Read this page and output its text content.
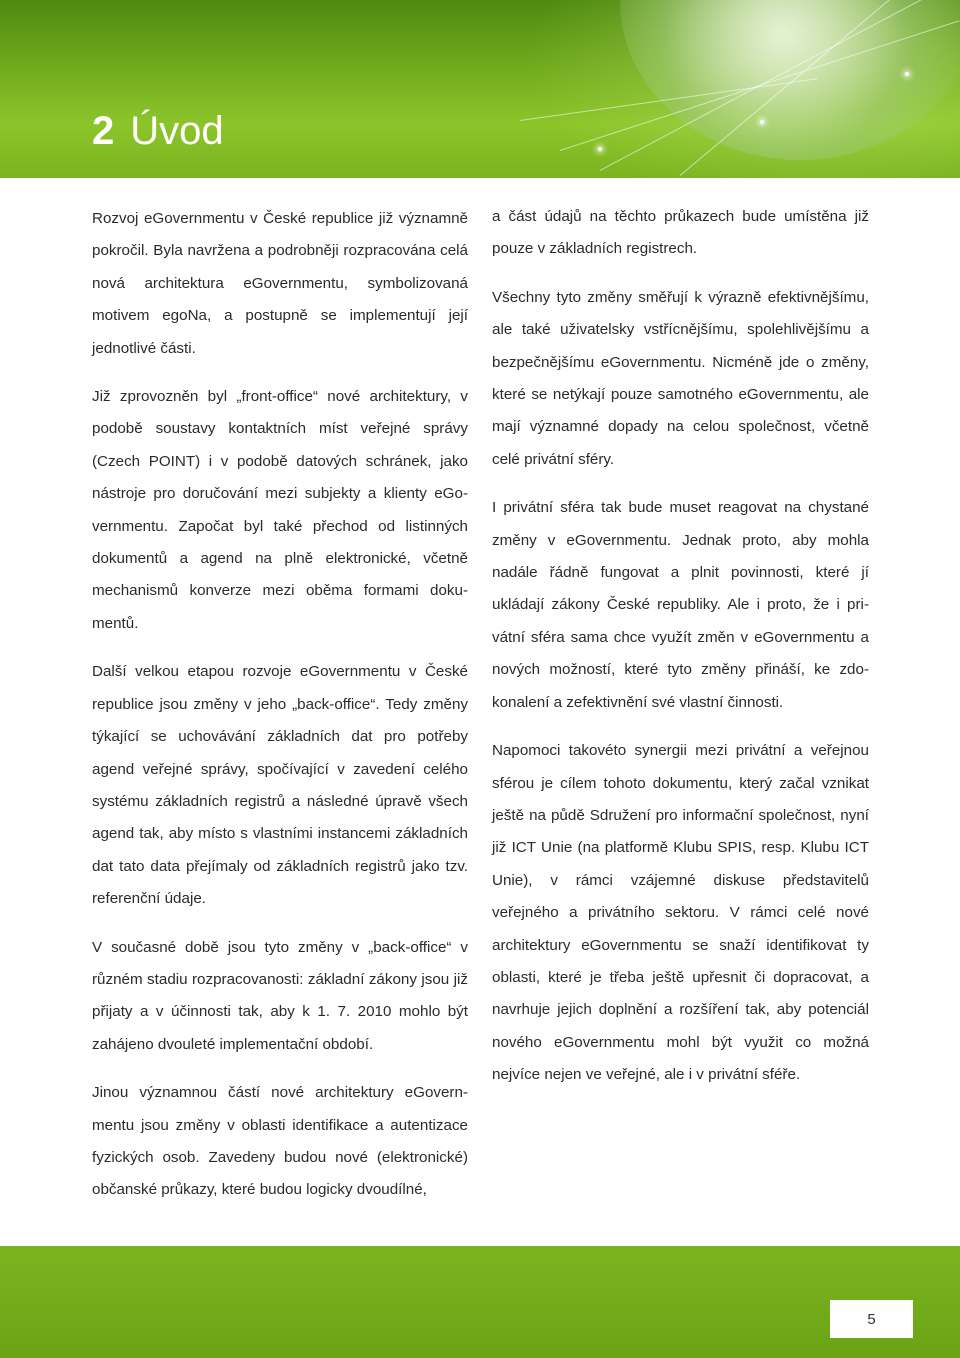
2 Úvod

Rozvoj eGovernmentu v České republice již významně pokročil. Byla navržena a podrobněji rozpracována celá nová architektura eGovernmentu, symbolizovaná motivem egoNa, a postupně se implementují její jednotlivé části.

Již zprovozněn byl „front-office“ nové architektury, v podobě soustavy kontaktních míst veřejné správy (Czech POINT) i v podobě datových schránek, jako nástroje pro doručování mezi subjekty a klienty eGovernmentu. Započat byl také přechod od listinných dokumentů a agend na plně elektronické, včetně mechanismů konverze mezi oběma formami dokumentů.

Další velkou etapou rozvoje eGovernmentu v České republice jsou změny v jeho „back-office“. Tedy změny týkající se uchovávání základních dat pro potřeby agend veřejné správy, spočívající v zavedení celého systému základních registrů a následné úpravě všech agend tak, aby místo s vlastními instancemi základních dat tato data přejímaly od základních registrů jako tzv. referenční údaje.

V současné době jsou tyto změny v „back-office“ v různém stadiu rozpracovanosti: základní zákony jsou již přijaty a v účinnosti tak, aby k 1. 7. 2010 mohlo být zahájeno dvouleté implementační období.

Jinou významnou částí nové architektury eGovernmentu jsou změny v oblasti identifikace a autentizace fyzických osob. Zavedeny budou nové (elektronické) občanské průkazy, které budou logicky dvoudílné,

a část údajů na těchto průkazech bude umístěna již pouze v základních registrech.

Všechny tyto změny směřují k výrazně efektivnějšímu, ale také uživatelsky vstřícnějšímu, spolehlivějšímu a bezpečnějšímu eGovernmentu. Nicméně jde o změny, které se netýkají pouze samotného eGovernmentu, ale mají významné dopady na celou společnost, včetně celé privátní sféry.

I privátní sféra tak bude muset reagovat na chystané změny v eGovernmentu. Jednak proto, aby mohla nadále řádně fungovat a plnit povinnosti, které jí ukládají zákony České republiky. Ale i proto, že i privátní sféra sama chce využít změn v eGovernmentu a nových možností, které tyto změny přináší, ke zdokonalení a zefektivnění své vlastní činnosti.

Napomoci takovéto synergii mezi privátní a veřejnou sférou je cílem tohoto dokumentu, který začal vznikat ještě na půdě Sdružení pro informační společnost, nyní již ICT Unie (na platformě Klubu SPIS, resp. Klubu ICT Unie), v rámci vzájemné diskuse představitelů veřejného a privátního sektoru. V rámci celé nové architektury eGovernmentu se snaží identifikovat ty oblasti, které je třeba ještě upřesnit či dopracovat, a navrhuje jejich doplnění a rozšíření tak, aby potenciál nového eGovernmentu mohl být využit co možná nejvíce nejen ve veřejné, ale i v privátní sféře.

5
